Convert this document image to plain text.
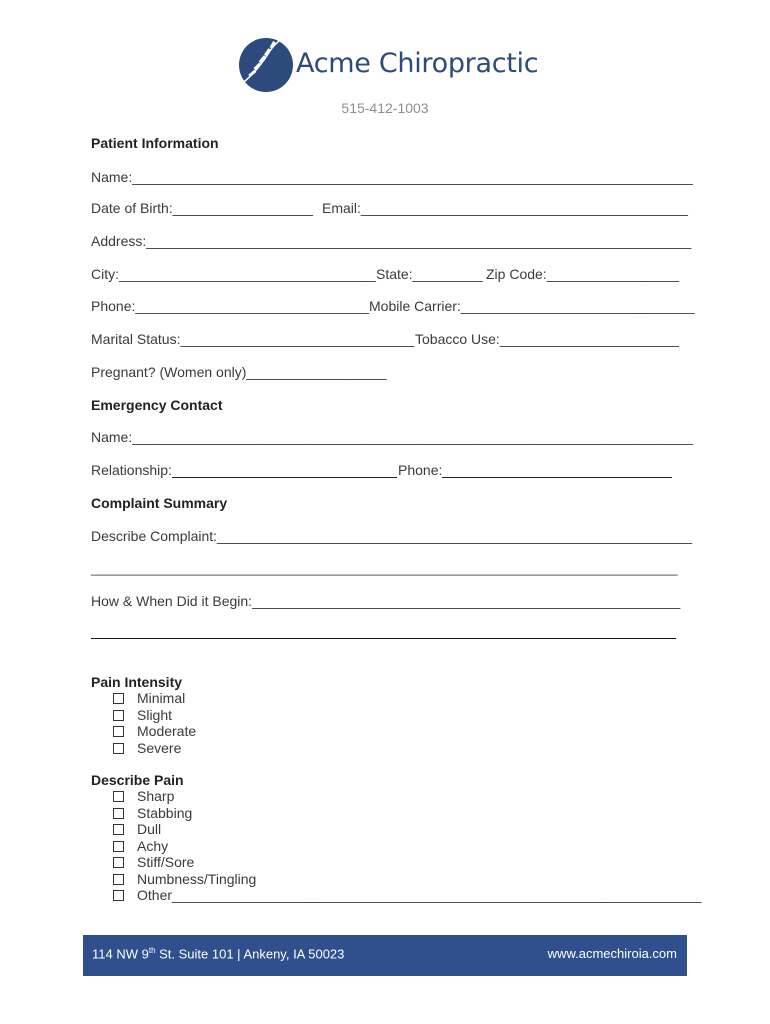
Acme Chiropractic
515-412-1003
Patient Information
Name:________________________________________________________________________
Date of Birth:__________________ Email:__________________________________________
Address:______________________________________________________________________
City:_________________________________ State:_________ Zip Code:_________________
Phone:______________________________ Mobile Carrier:______________________________
Marital Status:______________________________ Tobacco Use:_______________________
Pregnant? (Women only)__________________
Emergency Contact
Name:________________________________________________________________________
Relationship:	Phone:
Complaint Summary
Describe Complaint:_____________________________________________________________
________________________________________________________________________________
How & When Did it Begin:_______________________________________________________
Pain Intensity
Minimal
Slight
Moderate
Severe
Describe Pain
Sharp
Stabbing
Dull
Achy
Stiff/Sore
Numbness/Tingling
Other____________________________________________________________________
114 NW 9th St. Suite 101 | Ankeny, IA 50023	www.acmechiroia.com
